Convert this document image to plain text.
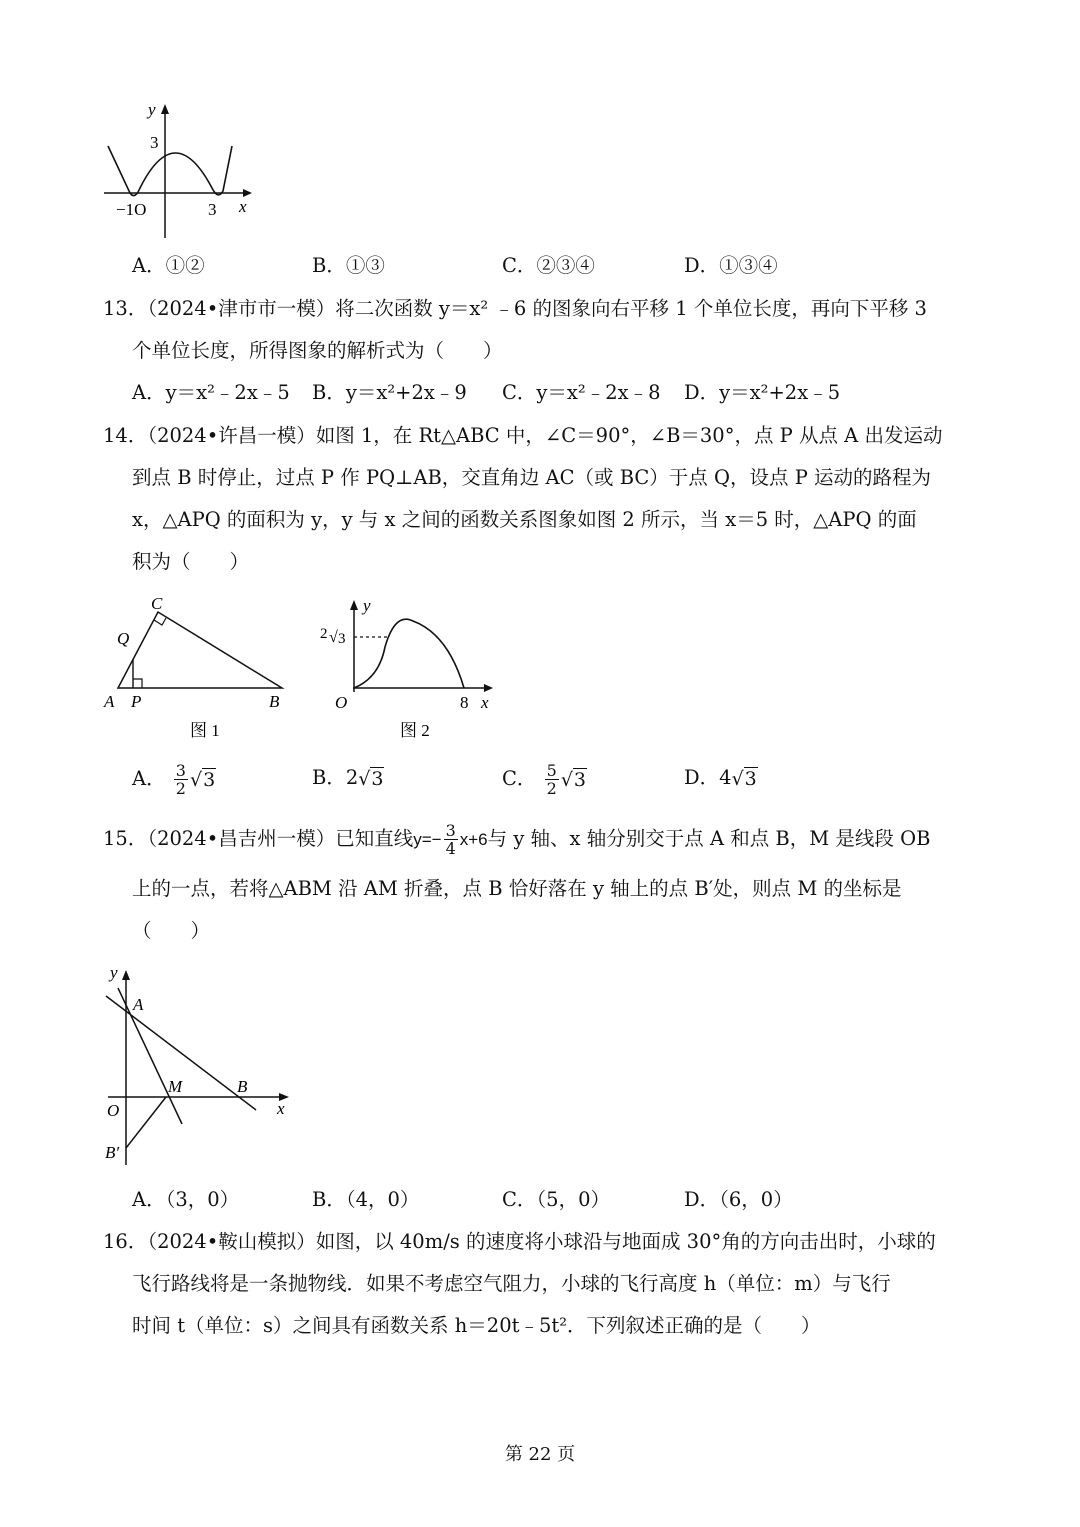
y
3
−1O	3 x
A．①②	B．①③	C．②③④	D．①③④
13．（2024•津市市一模）将二次函数 y＝x² ﹣6 的图象向右平移 1 个单位长度，再向下平移 3
个单位长度，所得图象的解析式为（　　）
A．y＝x²﹣2x﹣5 B．y＝x²+2x﹣9 C．y＝x²﹣2x﹣8 D．y＝x²+2x﹣5
14．（2024•许昌一模）如图 1，在 Rt△ABC 中，∠C＝90°，∠B＝30°，点 P 从点 A 出发运动
到点 B 时停止，过点 P 作 PQ⊥AB，交直角边 AC（或 BC）于点 Q，设点 P 运动的路程为
x，△APQ 的面积为 y，y 与 x 之间的函数关系图象如图 2 所示，当 x＝5 时，△APQ 的面
积为（　　）
C
Q
A P	B
图 1
y
2 √ 3
O	8 x
图 2
A． $\frac{3}{2} √3$	B．2√3	C． $\frac{5}{2} √3$	D．4√3
15．（2024•昌吉州一模）已知直线$y=- \frac{3}{4} x+6$与 y 轴、x 轴分别交于点 A 和点 B，M 是线段 OB
上的一点，若将△ABM 沿 AM 折叠，点 B 恰好落在 y 轴上的点 B′处，则点 M 的坐标是
（　　）
y
A
M	B
O	x
B′
A．（3，0）	B．（4，0）	C．（5，0）	D．（6，0）
16．（2024•鞍山模拟）如图，以 40m/s 的速度将小球沿与地面成 30°角的方向击出时，小球的
飞行路线将是一条抛物线．如果不考虑空气阻力，小球的飞行高度 h（单位：m）与飞行
时间 t（单位：s）之间具有函数关系 h＝20t﹣5t²．下列叙述正确的是（　　）
第 22 页
